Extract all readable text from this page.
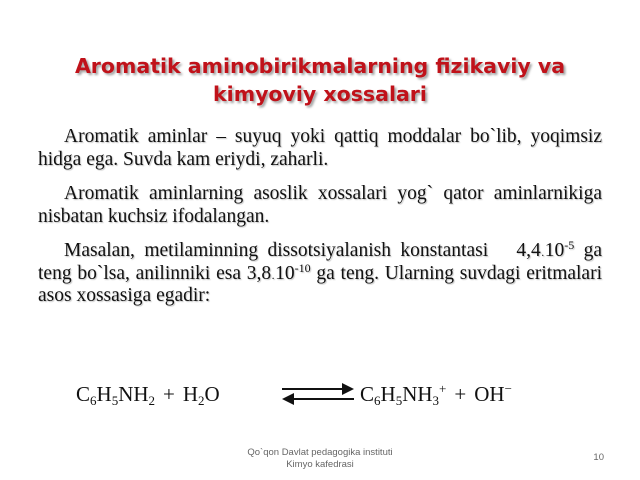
Aromatik aminobirikmalarning fizikaviy va
kimyoviy xossalari

Aromatik aminlar – suyuq yoki qattiq moddalar bo`lib, yoqimsiz hidga ega. Suvda kam eriydi, zaharli.

Aromatik aminlarning asoslik xossalari yog` qator aminlarnikiga nisbatan kuchsiz ifodalangan.

Masalan, metilaminning dissotsiyalanish konstantasi $4,4_\cdot 10^{-5}$ ga teng bo`lsa, anilinniki esa $3,8_\cdot 10^{-10}$ ga teng. Ularning suvdagi eritmalari asos xossasiga egadir:

$C_6H_5NH_2 + H_2O$	⇌ $C_6H_5NH_3^+ + OH^-$
Qo`qon Davlat pedagogika instituti
Kimyo kafedrasi
10
